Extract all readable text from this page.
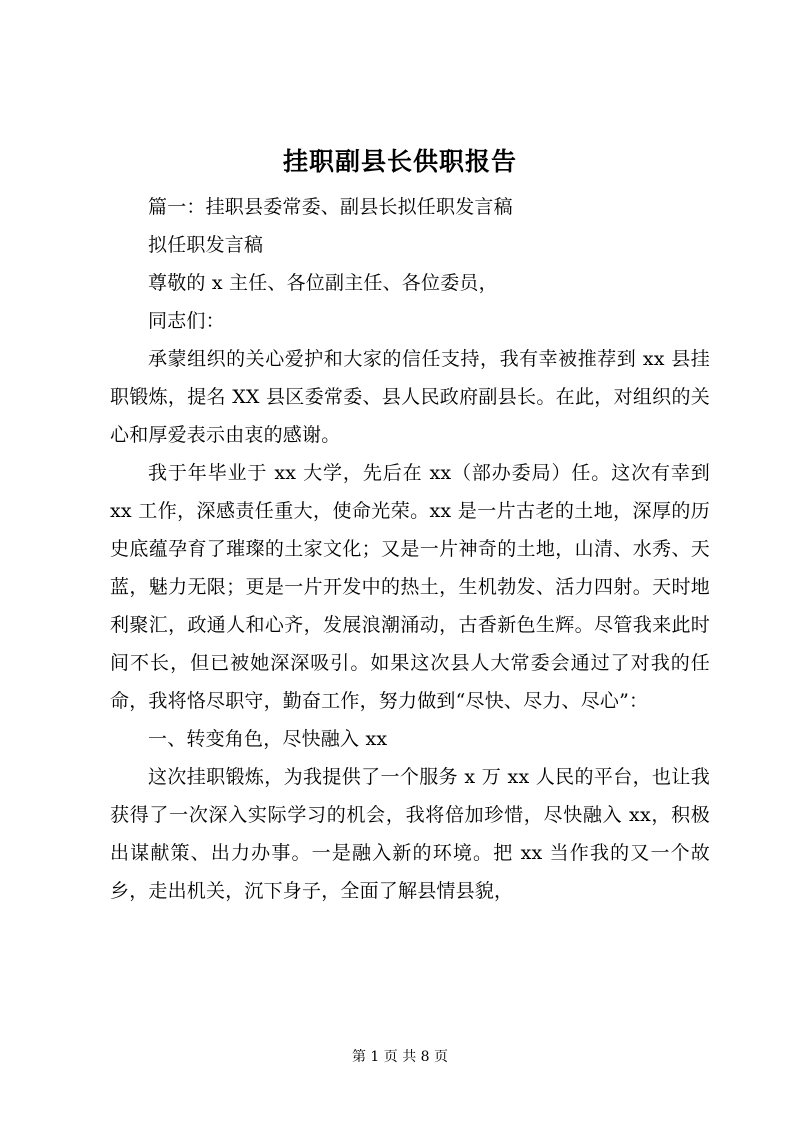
挂职副县长供职报告

篇一：挂职县委常委、副县长拟任职发言稿

拟任职发言稿

尊敬的 x 主任、各位副主任、各位委员，

同志们：

承蒙组织的关心爱护和大家的信任支持，我有幸被推荐到 xx 县挂职锻炼，提名 XX 县区委常委、县人民政府副县长。在此，对组织的关心和厚爱表示由衷的感谢。

我于年毕业于 xx 大学，先后在 xx（部办委局）任。这次有幸到 xx 工作，深感责任重大，使命光荣。xx 是一片古老的土地，深厚的历史底蕴孕育了璀璨的土家文化；又是一片神奇的土地，山清、水秀、天蓝，魅力无限；更是一片开发中的热土，生机勃发、活力四射。天时地利聚汇，政通人和心齐，发展浪潮涌动，古香新色生辉。尽管我来此时间不长，但已被她深深吸引。如果这次县人大常委会通过了对我的任命，我将恪尽职守，勤奋工作，努力做到“尽快、尽力、尽心”：

一、转变角色，尽快融入 xx

这次挂职锻炼，为我提供了一个服务 x 万 xx 人民的平台，也让我获得了一次深入实际学习的机会，我将倍加珍惜，尽快融入 xx，积极出谋献策、出力办事。一是融入新的环境。把 xx 当作我的又一个故乡，走出机关，沉下身子，全面了解县情县貌，

第 1 页 共 8 页
